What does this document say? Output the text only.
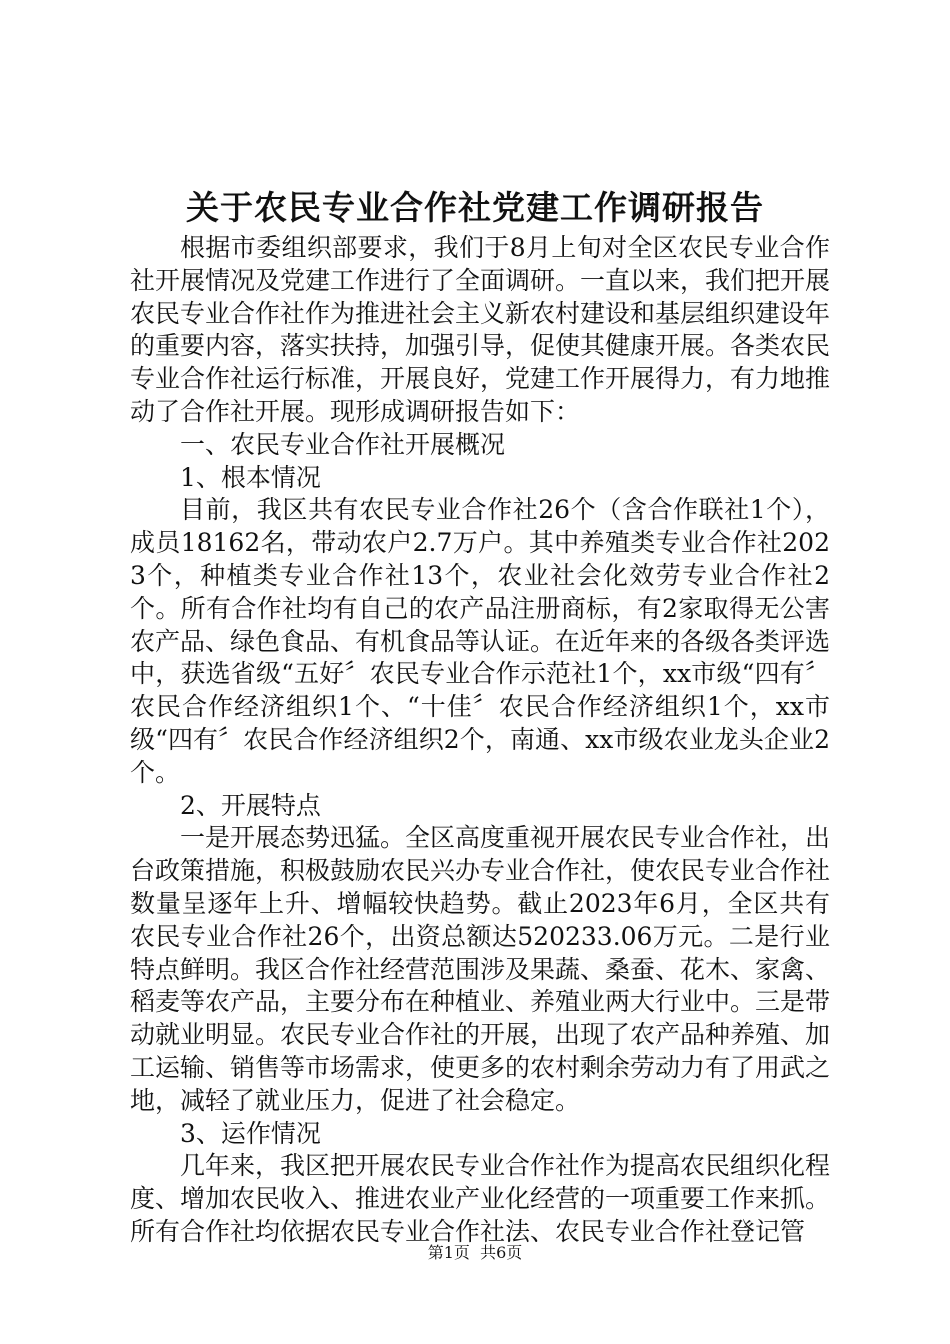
关于农民专业合作社党建工作调研报告

根据市委组织部要求，我们于8月上旬对全区农民专业合作社开展情况及党建工作进行了全面调研。一直以来，我们把开展农民专业合作社作为推进社会主义新农村建设和基层组织建设年的重要内容，落实扶持，加强引导，促使其健康开展。各类农民专业合作社运行标准，开展良好，党建工作开展得力，有力地推动了合作社开展。现形成调研报告如下：

一、农民专业合作社开展概况

1、根本情况

目前，我区共有农民专业合作社26个（含合作联社1个），成员18162名，带动农户2.7万户。其中养殖类专业合作社2023个，种植类专业合作社13个，农业社会化效劳专业合作社2个。所有合作社均有自己的农产品注册商标，有2家取得无公害农产品、绿色食品、有机食品等认证。在近年来的各级各类评选中，获选省级“五好〞农民专业合作示范社1个，xx市级“四有〞农民合作经济组织1个、“十佳〞农民合作经济组织1个，xx市级“四有〞农民合作经济组织2个，南通、xx市级农业龙头企业2个。

2、开展特点

一是开展态势迅猛。全区高度重视开展农民专业合作社，出台政策措施，积极鼓励农民兴办专业合作社，使农民专业合作社数量呈逐年上升、增幅较快趋势。截止2023年6月，全区共有农民专业合作社26个，出资总额达520233.06万元。二是行业特点鲜明。我区合作社经营范围涉及果蔬、桑蚕、花木、家禽、稻麦等农产品，主要分布在种植业、养殖业两大行业中。三是带动就业明显。农民专业合作社的开展，出现了农产品种养殖、加工运输、销售等市场需求，使更多的农村剩余劳动力有了用武之地，减轻了就业压力，促进了社会稳定。

3、运作情况

几年来，我区把开展农民专业合作社作为提高农民组织化程度、增加农民收入、推进农业产业化经营的一项重要工作来抓。所有合作社均依据农民专业合作社法、农民专业合作社登记管

第1页 共6页
